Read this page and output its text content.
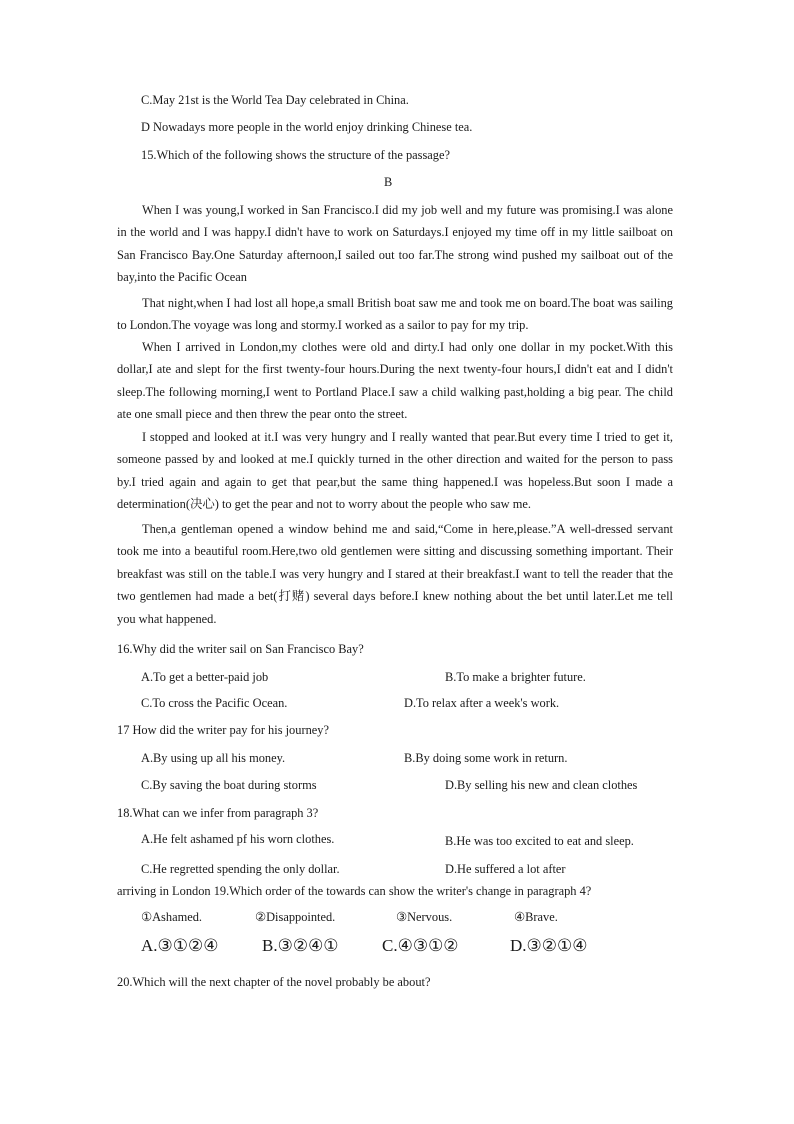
C.May 21st is the World Tea Day celebrated in China.
D Nowadays more people in the world enjoy drinking Chinese tea.
15.Which of the following shows the structure of the passage?
B
When I was young,I worked in San Francisco.I did my job well and my future was promising.I was alone in the world and I was happy.I didn't have to work on Saturdays.I enjoyed my time off in my little sailboat on San Francisco Bay.One Saturday afternoon,I sailed out too far.The strong wind pushed my sailboat out of the bay,into the Pacific Ocean
That night,when I had lost all hope,a small British boat saw me and took me on board.The boat was sailing to London.The voyage was long and stormy.I worked as a sailor to pay for my trip.
When I arrived in London,my clothes were old and dirty.I had only one dollar in my pocket.With this dollar,I ate and slept for the first twenty-four hours.During the next twenty-four hours,I didn't eat and I didn't sleep.The following morning,I went to Portland Place.I saw a child walking past,holding a big pear. The child ate one small piece and then threw the pear onto the street.
I stopped and looked at it.I was very hungry and I really wanted that pear.But every time I tried to get it, someone passed by and looked at me.I quickly turned in the other direction and waited for the person to pass by.I tried again and again to get that pear,but the same thing happened.I was hopeless.But soon I made a determination(决心) to get the pear and not to worry about the people who saw me.
Then,a gentleman opened a window behind me and said,“Come in here,please.”A well-dressed servant took me into a beautiful room.Here,two old gentlemen were sitting and discussing something important. Their breakfast was still on the table.I was very hungry and I stared at their breakfast.I want to tell the reader that the two gentlemen had made a bet(打赌) several days before.I knew nothing about the bet until later.Let me tell you what happened.
16.Why did the writer sail on San Francisco Bay?
A.To get a better-paid job	B.To make a brighter future.
C.To cross the Pacific Ocean.	D.To relax after a week's work.
17 How did the writer pay for his journey?
A.By using up all his money.	B.By doing some work in return.
C.By saving the boat during storms	D.By selling his new and clean clothes
18.What can we infer from paragraph 3?
A.He felt ashamed pf his worn clothes.	B.He was too excited to eat and sleep.
C.He regretted spending the only dollar.	D.He suffered a lot after
arriving in London 19.Which order of the towards can show the writer's change in paragraph 4?
①Ashamed.	②Disappointed.	③Nervous.	④Brave.
A.③①②④	B.③②④①	C.④③①②	D.③②①④
20.Which will the next chapter of the novel probably be about?
